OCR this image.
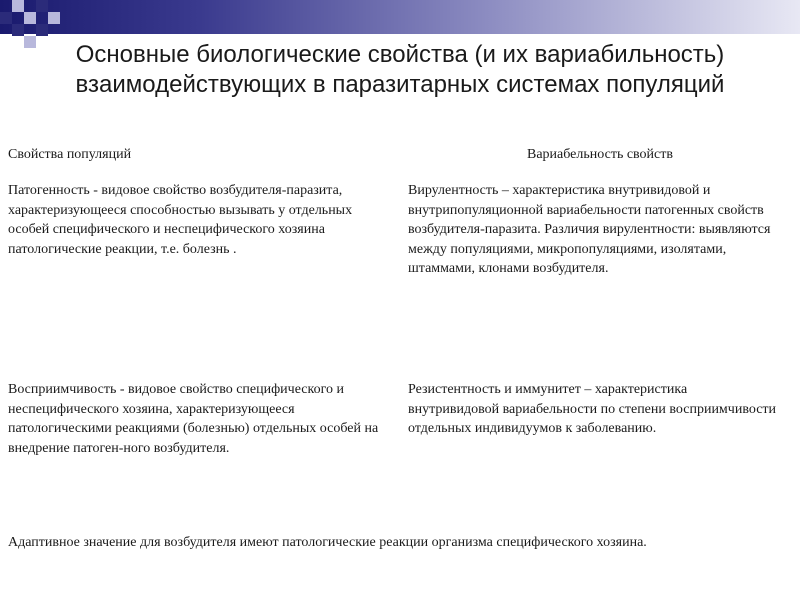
Основные биологические свойства (и их вариабильность) взаимодействующих в паразитарных системах популяций
Свойства популяций	Вариабельность свойств
Патогенность - видовое свойство возбудителя-паразита, характеризующееся способностью вызывать у отдельных особей специфического и неспецифического хозяина патологические реакции, т.е. болезнь .
Вирулентность – характеристика внутривидовой и внутрипопуляционной вариабельности патогенных свойств возбудителя-паразита. Различия вирулентности: выявляются между популяциями, микропопуляциями, изолятами, штаммами, клонами возбудителя.
Восприимчивость - видовое свойство специфического и неспецифического хозяина, характеризующееся патологическими реакциями (болезнью) отдельных особей на внедрение патоген-ного возбудителя.
Резистентность и иммунитет – характеристика внутривидовой вариабельности по степени восприимчивости отдельных индивидуумов к заболеванию.
Адаптивное значение для возбудителя имеют патологические реакции организма специфического хозяина.
